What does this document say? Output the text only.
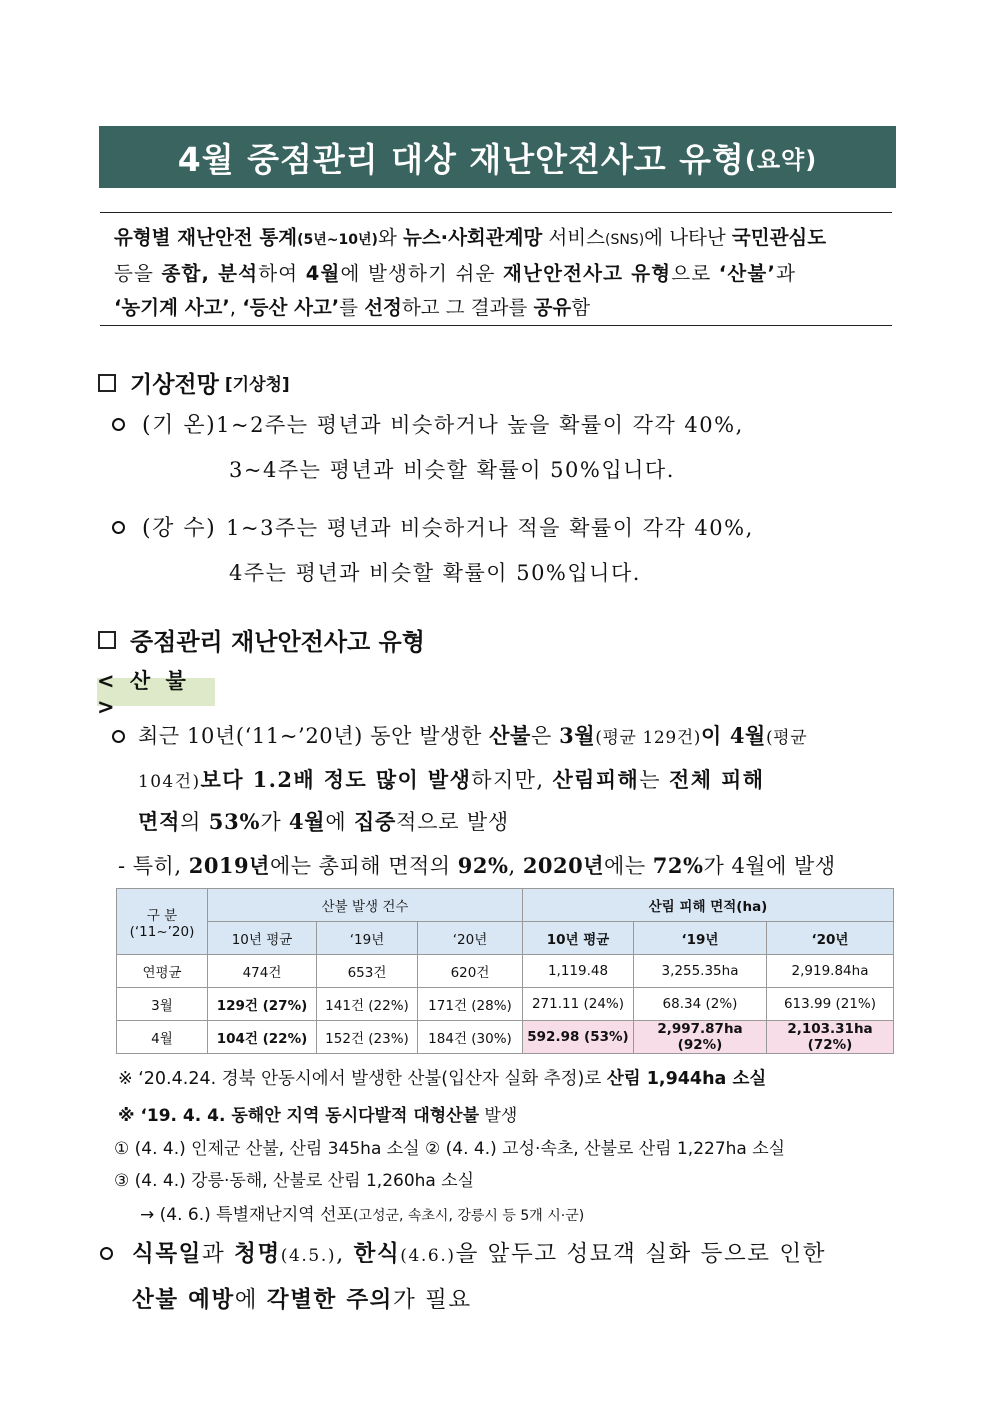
4월 중점관리 대상 재난안전사고 유형 (요약)
유형별 재난안전 통계(5년~10년)와 뉴스·사회관계망 서비스(SNS)에 나타난 국민관심도
등을 종합, 분석하여 4월에 발생하기 쉬운 재난안전사고 유형으로 ‘산불’과
‘농기계 사고’, ‘등산 사고’를 선정하고 그 결과를 공유함
기상전망 [기상청]
(기 온)1~2주는 평년과 비슷하거나 높을 확률이 각각 40%,
3~4주는 평년과 비슷할 확률이 50%입니다.
(강 수) 1~3주는 평년과 비슷하거나 적을 확률이 각각 40%,
4주는 평년과 비슷할 확률이 50%입니다.
중점관리 재난안전사고 유형
< 산 불 >
최근 10년(‘11~’20년) 동안 발생한 산불은 3월(평균 129건)이 4월(평균
104건)보다 1.2배 정도 많이 발생하지만, 산림피해는 전체 피해
면적의 53%가 4월에 집중적으로 발생
- 특히, 2019년에는 총피해 면적의 92%, 2020년에는 72%가 4월에 발생
구 분
(‘11~’20)	산불 발생 건수			산림 피해 면적(ha)		
	10년 평균	‘19년	‘20년	10년 평균	‘19년	‘20년
연평균	474건	653건	620건	1,119.48	3,255.35ha	2,919.84ha
3월	129건 (27%)	141건 (22%)	171건 (28%)	271.11 (24%)	68.34 (2%)	613.99 (21%)
4월	104건 (22%)	152건 (23%)	184건 (30%)	592.98 (53%)	2,997.87ha (92%)	2,103.31ha (72%)
※ ‘20.4.24. 경북 안동시에서 발생한 산불(입산자 실화 추정)로 산림 1,944ha 소실
※ ‘19. 4. 4. 동해안 지역 동시다발적 대형산불 발생
① (4. 4.) 인제군 산불, 산림 345ha 소실 ② (4. 4.) 고성·속초, 산불로 산림 1,227ha 소실
③ (4. 4.) 강릉·동해, 산불로 산림 1,260ha 소실
→ (4. 6.) 특별재난지역 선포(고성군, 속초시, 강릉시 등 5개 시·군)
식목일과 청명(4.5.), 한식(4.6.)을 앞두고 성묘객 실화 등으로 인한
산불 예방에 각별한 주의가 필요
